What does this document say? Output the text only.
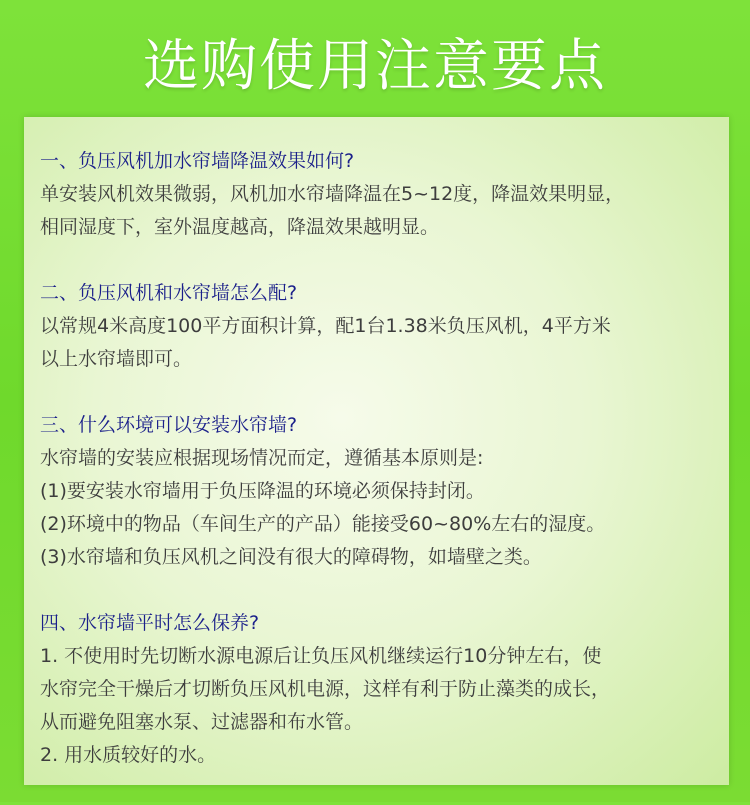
选购使用注意要点
一、负压风机加水帘墙降温效果如何?
单安装风机效果微弱，风机加水帘墙降温在5~12度，降温效果明显，
相同湿度下，室外温度越高，降温效果越明显。
二、负压风机和水帘墙怎么配?
以常规4米高度100平方面积计算，配1台1.38米负压风机，4平方米
以上水帘墙即可。
三、什么环境可以安装水帘墙?
水帘墙的安装应根据现场情况而定，遵循基本原则是:
(1)要安装水帘墙用于负压降温的环境必须保持封闭。
(2)环境中的物品（车间生产的产品）能接受60~80%左右的湿度。
(3)水帘墙和负压风机之间没有很大的障碍物，如墙壁之类。
四、水帘墙平时怎么保养?
1. 不使用时先切断水源电源后让负压风机继续运行10分钟左右，使
水帘完全干燥后才切断负压风机电源，这样有利于防止藻类的成长，
从而避免阻塞水泵、过滤器和布水管。
2. 用水质较好的水。
